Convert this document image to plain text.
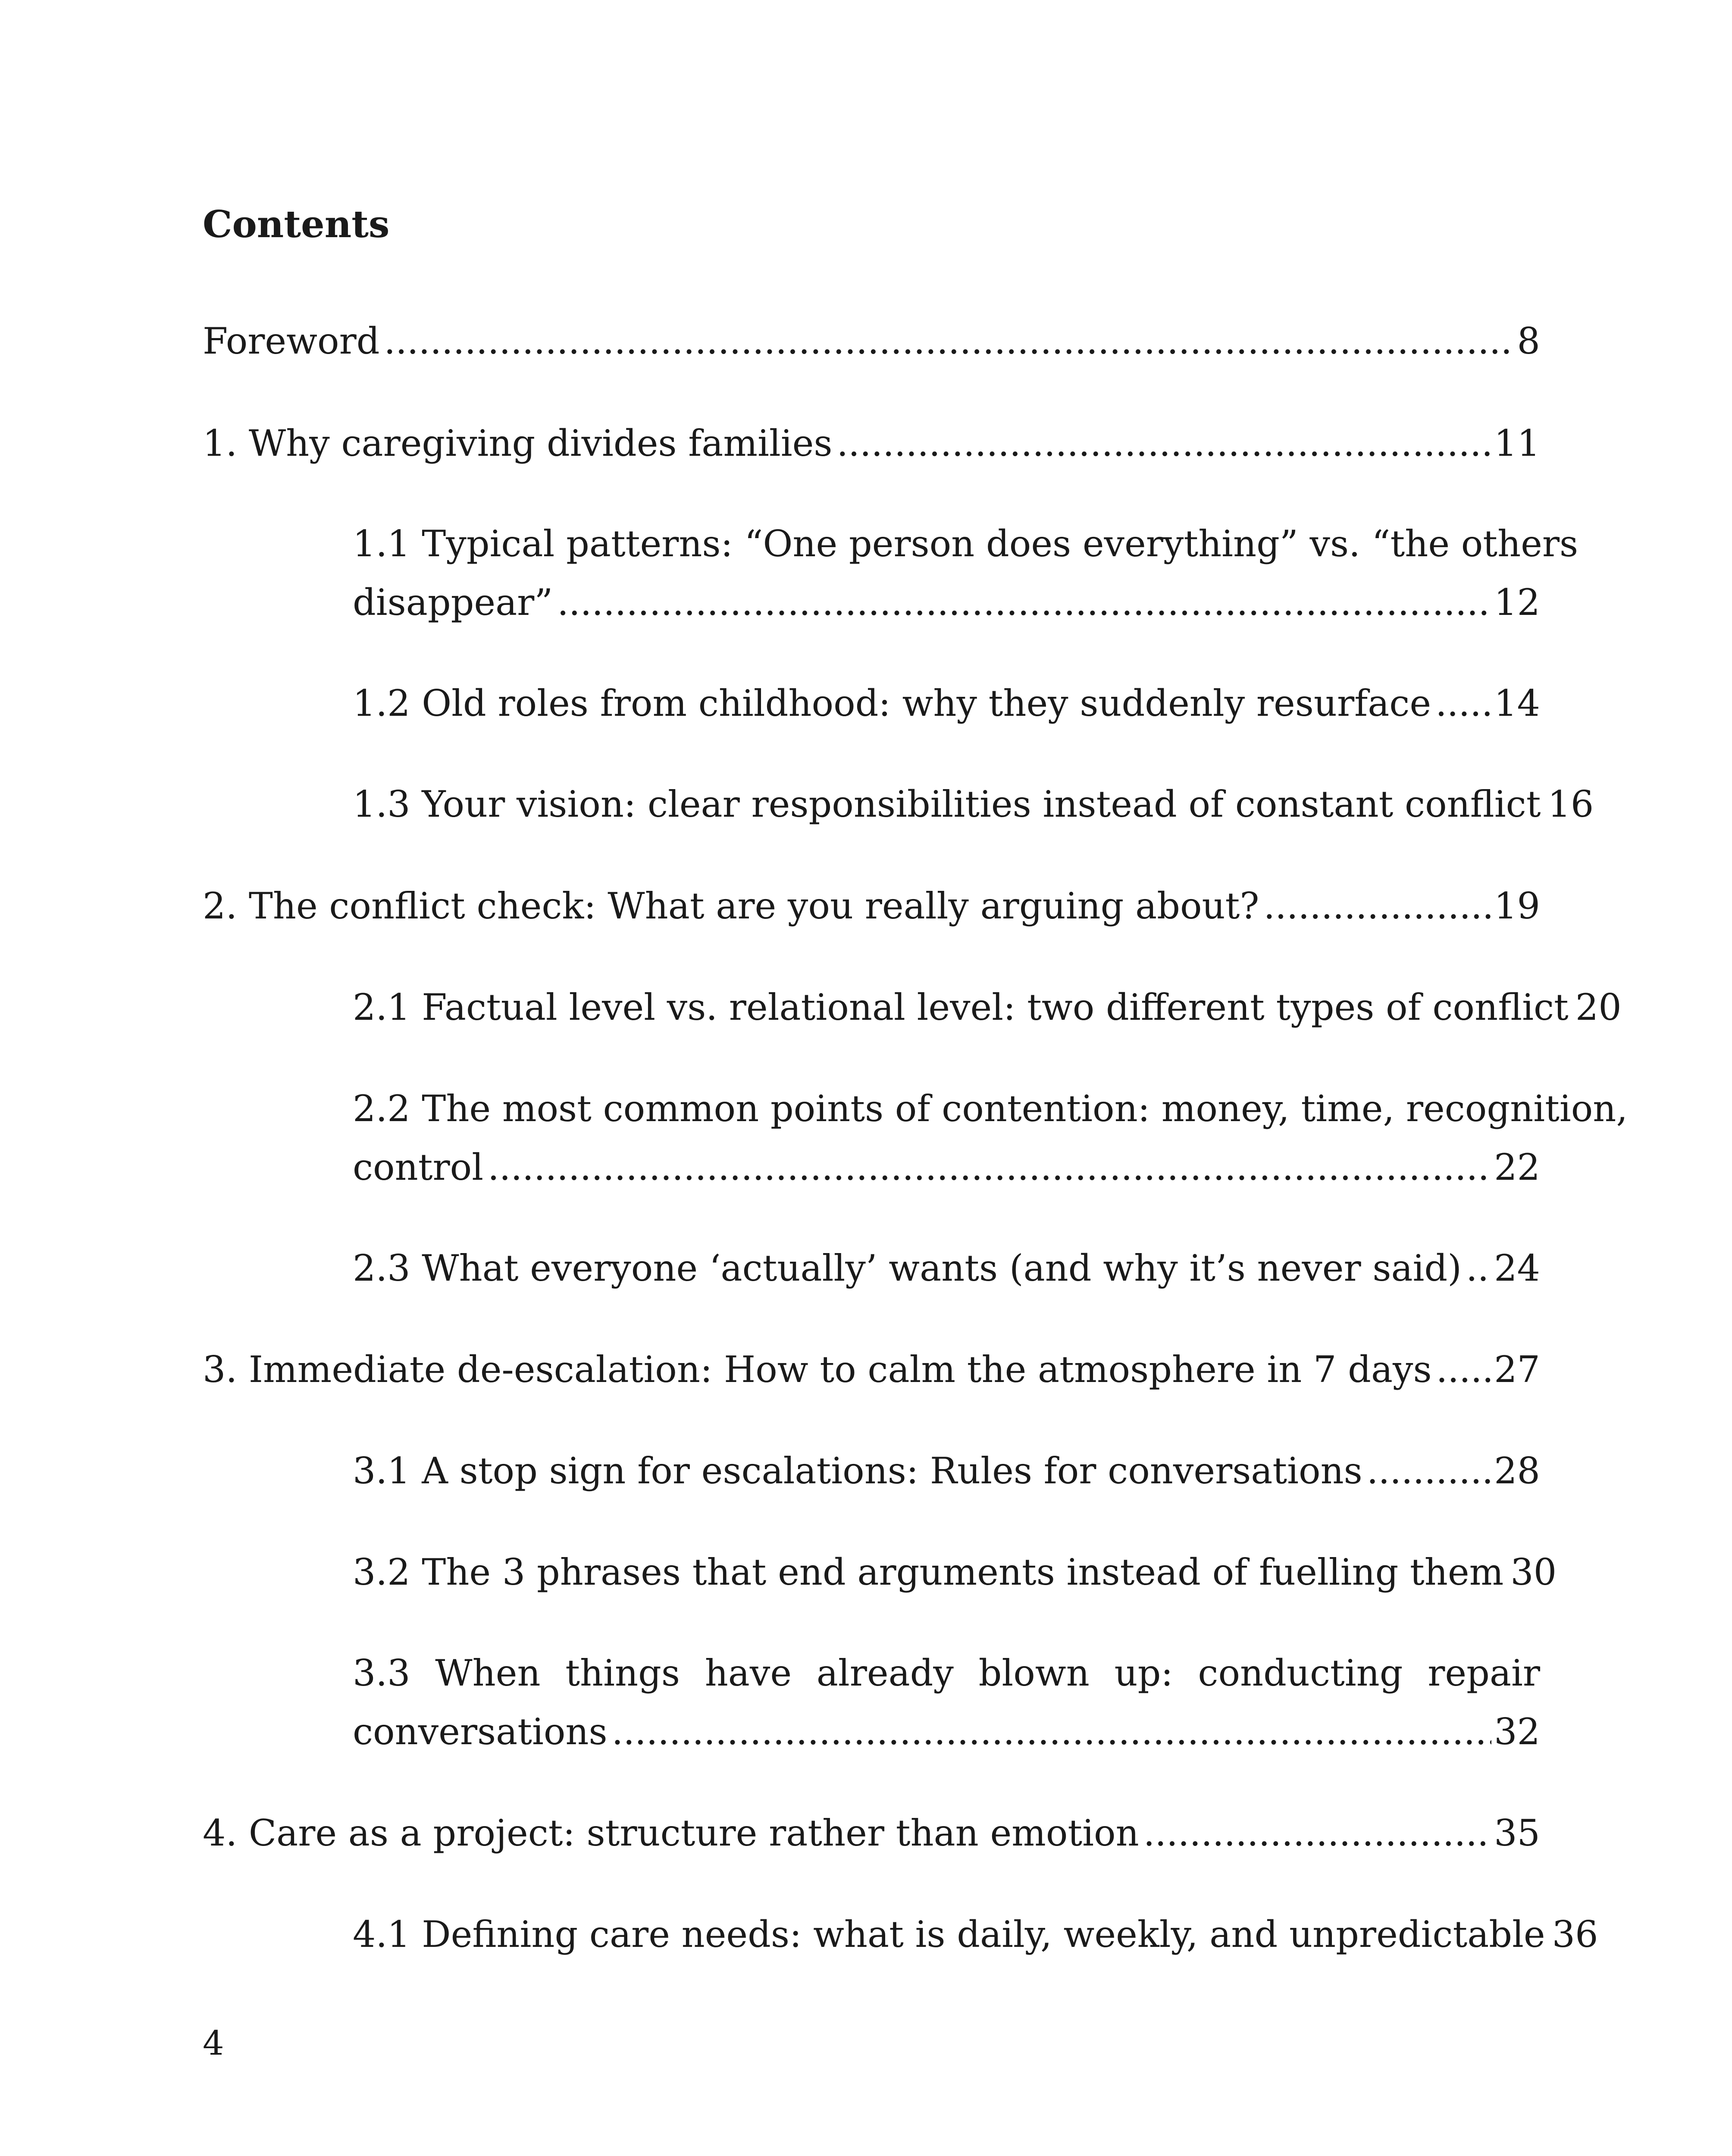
Contents
Foreword .....	8
1. Why caregiving divides families .....	11
1.1 Typical patterns: “One person does everything” vs. “the others
disappear” .....	12
1.2 Old roles from childhood: why they suddenly resurface ..... 14
1.3 Your vision: clear responsibilities instead of constant conflict 16
2. The conflict check: What are you really arguing about? .....	19
2.1 Factual level vs. relational level: two different types of conflict 20
2.2 The most common points of contention: money, time, recognition,
control .....	22
2.3 What everyone ‘actually’ wants (and why it’s never said) ..... 24
3. Immediate de-escalation: How to calm the atmosphere in 7 days ..... 27
3.1 A stop sign for escalations: Rules for conversations .....	28
3.2 The 3 phrases that end arguments instead of fuelling them 30
3.3 When things have already blown up: conducting repair
conversations .....	32
4. Care as a project: structure rather than emotion .....	35
4.1 Defining care needs: what is daily, weekly, and unpredictable 36
4
